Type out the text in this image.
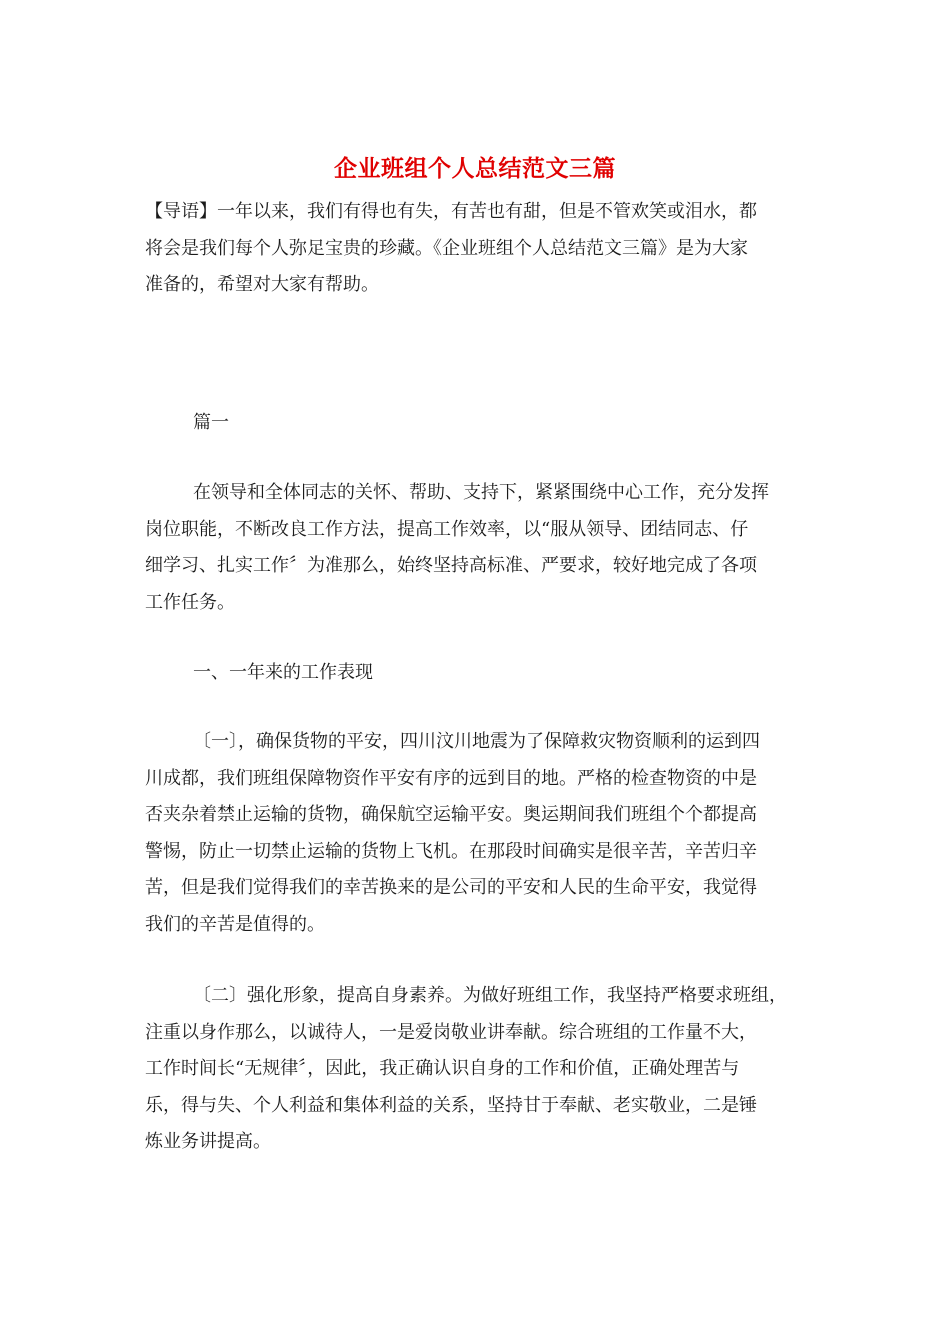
企业班组个人总结范文三篇
【导语】一年以来，我们有得也有失，有苦也有甜，但是不管欢笑或泪水，都
将会是我们每个人弥足宝贵的珍藏。《企业班组个人总结范文三篇》是为大家
准备的，希望对大家有帮助。
篇一
在领导和全体同志的关怀、帮助、支持下，紧紧围绕中心工作，充分发挥
岗位职能，不断改良工作方法，提高工作效率，以“服从领导、团结同志、仔
细学习、扎实工作〞为准那么，始终坚持高标准、严要求，较好地完成了各项
工作任务。
一、一年来的工作表现
〔一〕，确保货物的平安，四川汶川地震为了保障救灾物资顺利的运到四
川成都，我们班组保障物资作平安有序的远到目的地。严格的检查物资的中是
否夹杂着禁止运输的货物，确保航空运输平安。奥运期间我们班组个个都提高
警惕，防止一切禁止运输的货物上飞机。在那段时间确实是很辛苦，辛苦归辛
苦，但是我们觉得我们的幸苦换来的是公司的平安和人民的生命平安，我觉得
我们的辛苦是值得的。
〔二〕强化形象，提高自身素养。为做好班组工作，我坚持严格要求班组，
注重以身作那么，以诚待人，一是爱岗敬业讲奉献。综合班组的工作量不大，
工作时间长“无规律〞，因此，我正确认识自身的工作和价值，正确处理苦与
乐，得与失、个人利益和集体利益的关系，坚持甘于奉献、老实敬业，二是锤
炼业务讲提高。
